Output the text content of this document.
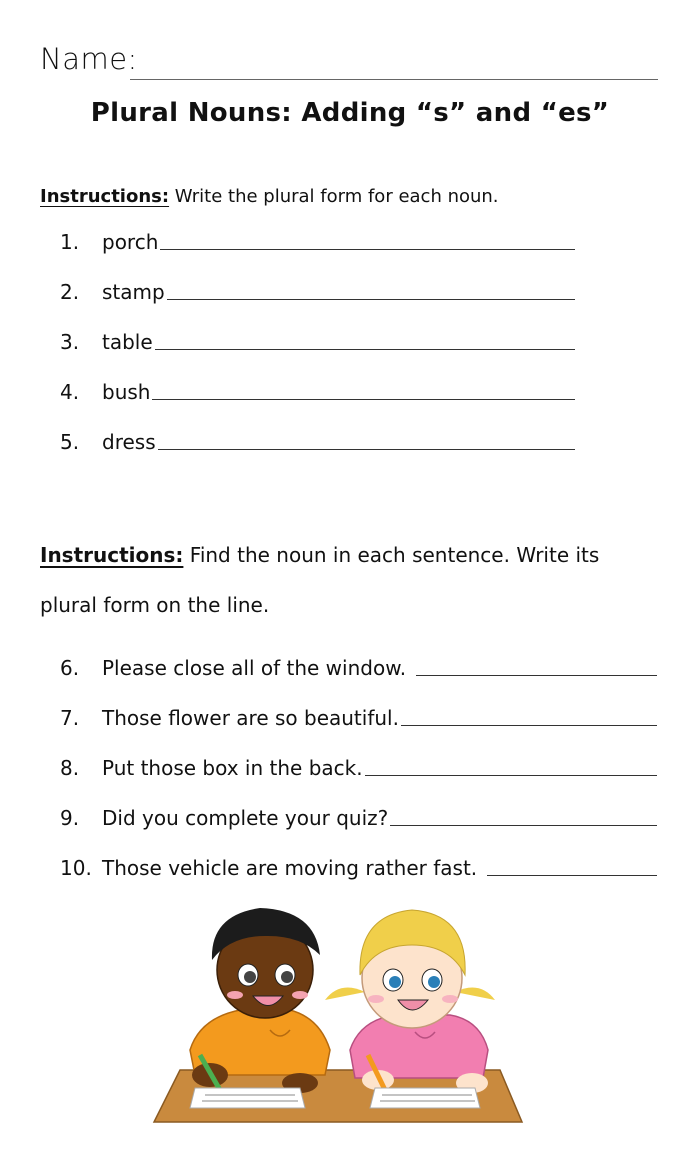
Name:
Plural Nouns: Adding “s” and “es”
Instructions: Write the plural form for each noun.
1.	porch
2.	stamp
3.	table
4.	bush
5.	dress
Instructions: Find the noun in each sentence. Write its plural form on the line.
6.	Please close all of the window.
7.	Those flower are so beautiful.
8.	Put those box in the back.
9.	Did you complete your quiz?
10. Those vehicle are moving rather fast.
